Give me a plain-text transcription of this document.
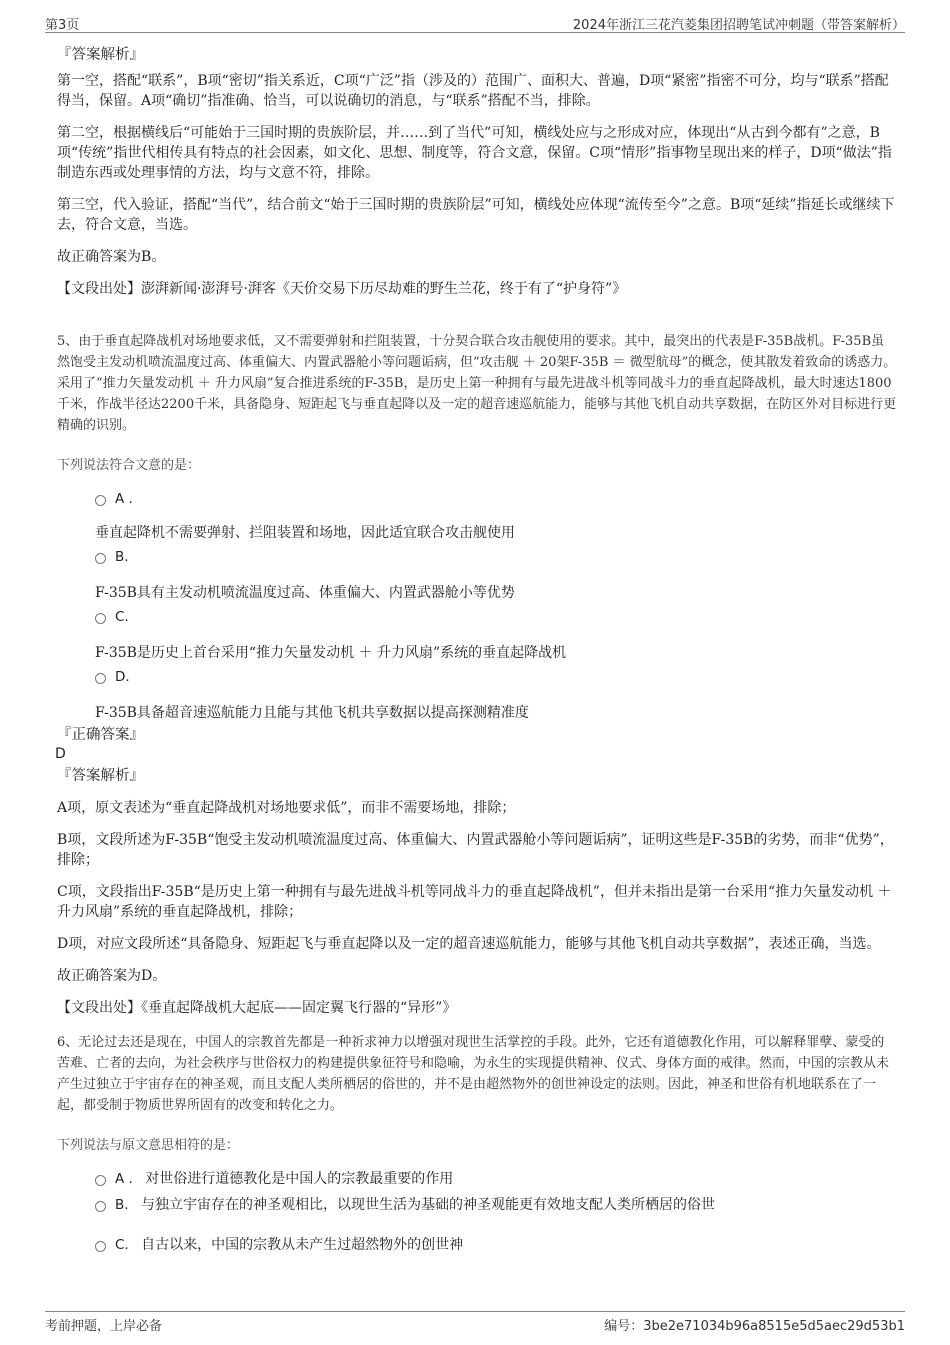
第3页	2024年浙江三花汽菱集团招聘笔试冲刺题（带答案解析）
『答案解析』

第一空，搭配“联系”，B项“密切”指关系近，C项“广泛”指（涉及的）范围广、面积大、普遍，D项“紧密”指密不可分，均与“联系”搭配得当，保留。A项“确切”指准确、恰当，可以说确切的消息，与“联系”搭配不当，排除。

第二空，根据横线后“可能始于三国时期的贵族阶层，并……到了当代”可知，横线处应与之形成对应，体现出“从古到今都有”之意，B项“传统”指世代相传具有特点的社会因素，如文化、思想、制度等，符合文意，保留。C项“情形”指事物呈现出来的样子，D项“做法”指制造东西或处理事情的方法，均与文意不符，排除。

第三空，代入验证，搭配“当代”，结合前文“始于三国时期的贵族阶层”可知，横线处应体现“流传至今”之意。B项“延续”指延长或继续下去，符合文意，当选。

故正确答案为B。

【文段出处】澎湃新闻·澎湃号·湃客《天价交易下历尽劫难的野生兰花，终于有了“护身符”》

5、由于垂直起降战机对场地要求低，又不需要弹射和拦阻装置，十分契合联合攻击舰使用的要求。其中，最突出的代表是F-35B战机。F-35B虽然饱受主发动机喷流温度过高、体重偏大、内置武器舱小等问题诟病，但“攻击舰 ＋ 20架F-35B ＝ 微型航母”的概念，使其散发着致命的诱惑力。采用了“推力矢量发动机 ＋ 升力风扇”复合推进系统的F-35B，是历史上第一种拥有与最先进战斗机等同战斗力的垂直起降战机，最大时速达1800千米，作战半径达2200千米，具备隐身、短距起飞与垂直起降以及一定的超音速巡航能力，能够与其他飞机自动共享数据，在防区外对目标进行更精确的识别。

下列说法符合文意的是：
A .
垂直起降机不需要弹射、拦阻装置和场地，因此适宜联合攻击舰使用
B.
F-35B具有主发动机喷流温度过高、体重偏大、内置武器舱小等优势
C.
F-35B是历史上首台采用“推力矢量发动机 ＋ 升力风扇”系统的垂直起降战机
D.
F-35B具备超音速巡航能力且能与其他飞机共享数据以提高探测精准度
『正确答案』
D
『答案解析』

A项，原文表述为“垂直起降战机对场地要求低”，而非不需要场地，排除；

B项，文段所述为F-35B“饱受主发动机喷流温度过高、体重偏大、内置武器舱小等问题诟病”，证明这些是F-35B的劣势，而非“优势”，排除；

C项，文段指出F-35B“是历史上第一种拥有与最先进战斗机等同战斗力的垂直起降战机”，但并未指出是第一台采用“推力矢量发动机 ＋ 升力风扇”系统的垂直起降战机，排除；

D项，对应文段所述“具备隐身、短距起飞与垂直起降以及一定的超音速巡航能力，能够与其他飞机自动共享数据”，表述正确，当选。

故正确答案为D。

【文段出处】《垂直起降战机大起底——固定翼飞行器的“异形”》

6、无论过去还是现在，中国人的宗教首先都是一种祈求神力以增强对现世生活掌控的手段。此外，它还有道德教化作用，可以解释罪孽、蒙受的苦难、亡者的去向，为社会秩序与世俗权力的构建提供象征符号和隐喻，为永生的实现提供精神、仪式、身体方面的戒律。然而，中国的宗教从未产生过独立于宇宙存在的神圣观，而且支配人类所栖居的俗世的，并不是由超然物外的创世神设定的法则。因此，神圣和世俗有机地联系在了一起，都受制于物质世界所固有的改变和转化之力。

下列说法与原文意思相符的是：
A . 对世俗进行道德教化是中国人的宗教最重要的作用
B. 与独立宇宙存在的神圣观相比，以现世生活为基础的神圣观能更有效地支配人类所栖居的俗世
C. 自古以来，中国的宗教从未产生过超然物外的创世神
考前押题，上岸必备	编号：3be2e71034b96a8515e5d5aec29d53b1
